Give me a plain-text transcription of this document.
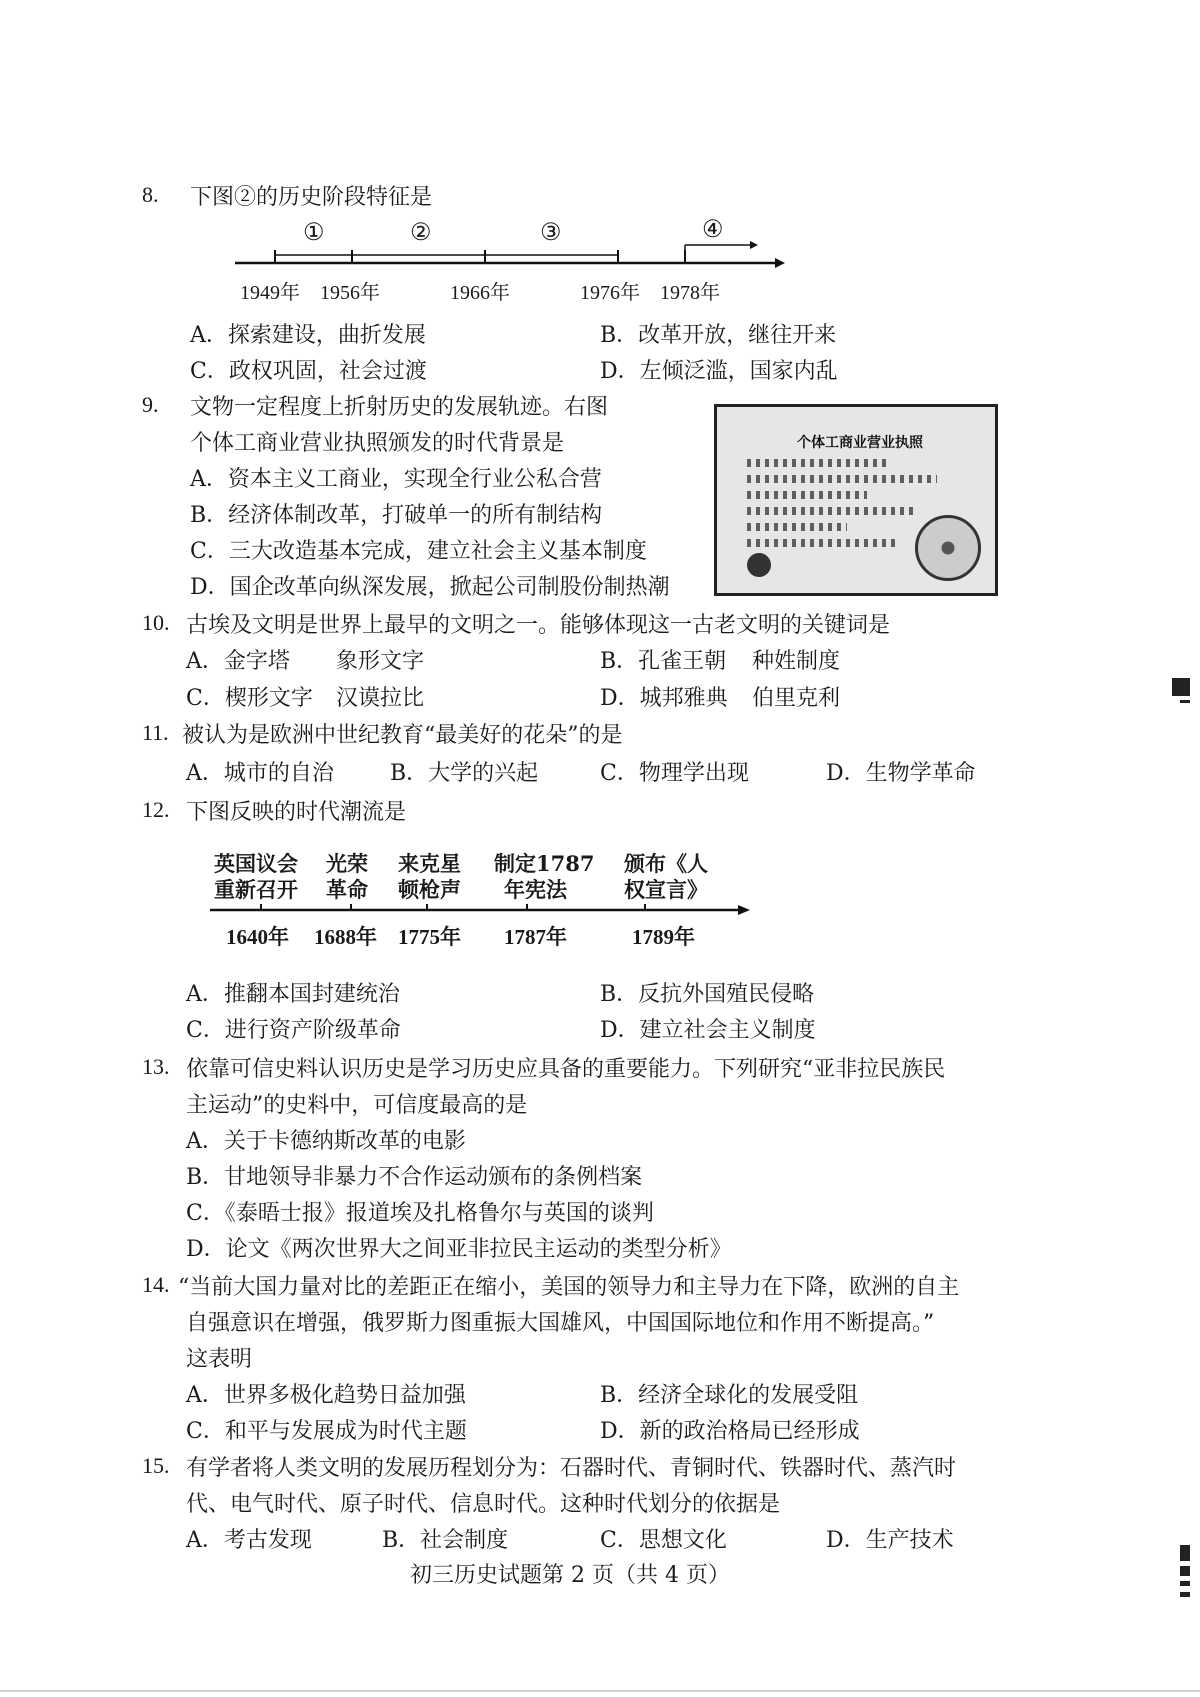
8. 下图②的历史阶段特征是
①	②	③	④
1949年 1956年	1966年	1976年 1978年
A．探索建设，曲折发展	B．改革开放，继往开来
C．政权巩固，社会过渡	D．左倾泛滥，国家内乱
9. 文物一定程度上折射历史的发展轨迹。右图
个体工商业营业执照颁发的时代背景是
A．资本主义工商业，实现全行业公私合营
B．经济体制改革，打破单一的所有制结构
C．三大改造基本完成，建立社会主义基本制度
D．国企改革向纵深发展，掀起公司制股份制热潮
个体工商业营业执照
10. 古埃及文明是世界上最早的文明之一。能够体现这一古老文明的关键词是
A．金字塔 象形文字	B．孔雀王朝 种姓制度
C．楔形文字 汉谟拉比	D．城邦雅典 伯里克利
11. 被认为是欧洲中世纪教育“最美好的花朵”的是
A．城市的自治	B．大学的兴起	C．物理学出现	D．生物学革命
12. 下图反映的时代潮流是
英国议会
重新召开
光荣
革命
来克星
顿枪声
制定1787
年宪法
颁布《人
权宣言》
1640年 1688年 1775年 1787年	1789年
A．推翻本国封建统治	B．反抗外国殖民侵略
C．进行资产阶级革命	D．建立社会主义制度
13. 依靠可信史料认识历史是学习历史应具备的重要能力。下列研究“亚非拉民族民
主运动”的史料中，可信度最高的是
A．关于卡德纳斯改革的电影
B．甘地领导非暴力不合作运动颁布的条例档案
C．《泰晤士报》报道埃及扎格鲁尔与英国的谈判
D．论文《两次世界大之间亚非拉民主运动的类型分析》
14. “当前大国力量对比的差距正在缩小，美国的领导力和主导力在下降，欧洲的自主
自强意识在增强，俄罗斯力图重振大国雄风，中国国际地位和作用不断提高。”
这表明
A．世界多极化趋势日益加强	B．经济全球化的发展受阻
C．和平与发展成为时代主题	D．新的政治格局已经形成
15. 有学者将人类文明的发展历程划分为：石器时代、青铜时代、铁器时代、蒸汽时
代、电气时代、原子时代、信息时代。这种时代划分的依据是
A．考古发现	B．社会制度	C．思想文化	D．生产技术
初三历史试题第 2 页（共 4 页）
